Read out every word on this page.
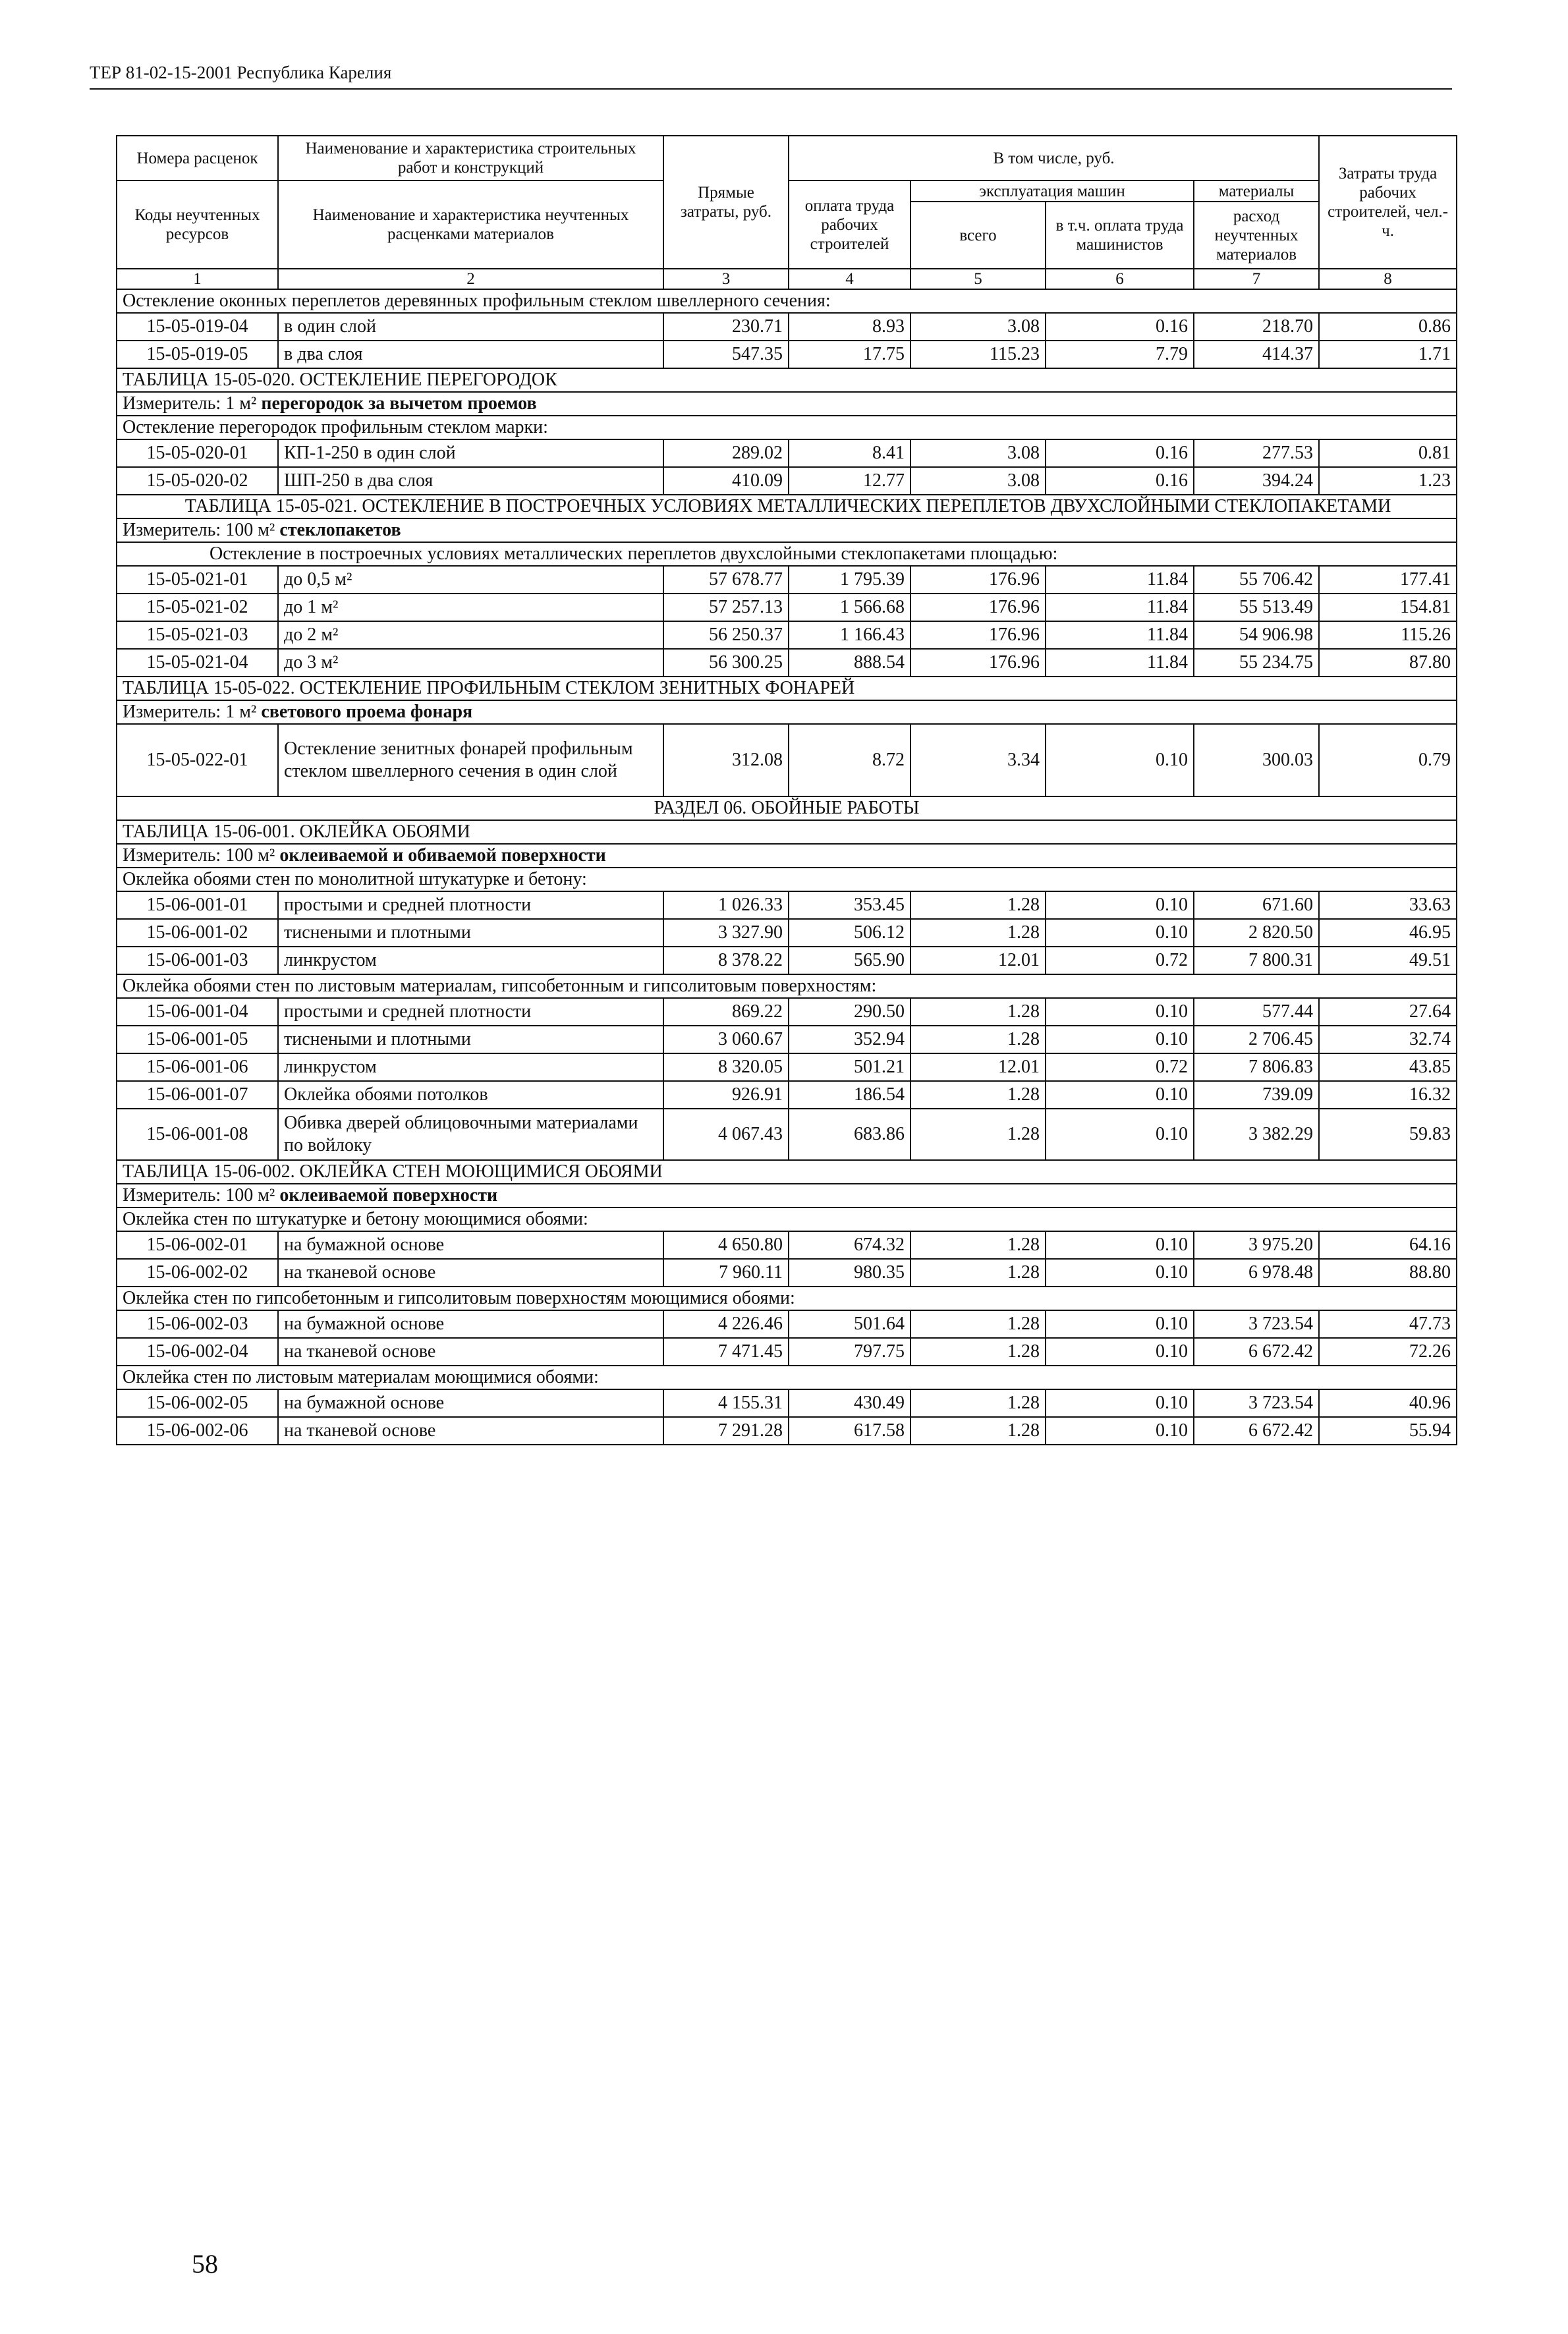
ТЕР 81-02-15-2001 Республика Карелия
Номера расценок	Наименование и характеристика строительных работ и конструкций	Прямые затраты, руб.	В том числе, руб.				Затраты труда рабочих строителей, чел.-ч.
Коды неучтенных ресурсов	Наименование и характеристика неучтенных расценками материалов		оплата труда рабочих строителей	эксплуатация машин		материалы	
				всего	в т.ч. оплата труда машинистов	расход неучтенных материалов	
1	2	3	4	5	6	7	8
Остекление оконных переплетов деревянных профильным стеклом швеллерного сечения:							
15-05-019-04	в один слой	230.71	8.93	3.08	0.16	218.70	0.86
15-05-019-05	в два слоя	547.35	17.75	115.23	7.79	414.37	1.71
ТАБЛИЦА 15-05-020. ОСТЕКЛЕНИЕ ПЕРЕГОРОДОК							
Измеритель: 1 м² перегородок за вычетом проемов							
Остекление перегородок профильным стеклом марки:							
15-05-020-01	КП-1-250 в один слой	289.02	8.41	3.08	0.16	277.53	0.81
15-05-020-02	ШП-250 в два слоя	410.09	12.77	3.08	0.16	394.24	1.23
ТАБЛИЦА 15-05-021. ОСТЕКЛЕНИЕ В ПОСТРОЕЧНЫХ УСЛОВИЯХ МЕТАЛЛИЧЕСКИХ ПЕРЕПЛЕТОВ ДВУХСЛОЙНЫМИ СТЕКЛОПАКЕТАМИ							
Измеритель: 100 м² стеклопакетов							
Остекление в построечных условиях металлических переплетов двухслойными стеклопакетами площадью:							
15-05-021-01	до 0,5 м²	57 678.77	1 795.39	176.96	11.84	55 706.42	177.41
15-05-021-02	до 1 м²	57 257.13	1 566.68	176.96	11.84	55 513.49	154.81
15-05-021-03	до 2 м²	56 250.37	1 166.43	176.96	11.84	54 906.98	115.26
15-05-021-04	до 3 м²	56 300.25	888.54	176.96	11.84	55 234.75	87.80
ТАБЛИЦА 15-05-022. ОСТЕКЛЕНИЕ ПРОФИЛЬНЫМ СТЕКЛОМ ЗЕНИТНЫХ ФОНАРЕЙ							
Измеритель: 1 м² светового проема фонаря							
15-05-022-01	Остекление зенитных фонарей профильным стеклом швеллерного сечения в один слой	312.08	8.72	3.34	0.10	300.03	0.79
РАЗДЕЛ 06. ОБОЙНЫЕ РАБОТЫ							
ТАБЛИЦА 15-06-001. ОКЛЕЙКА ОБОЯМИ							
Измеритель: 100 м² оклеиваемой и обиваемой поверхности							
Оклейка обоями стен по монолитной штукатурке и бетону:							
15-06-001-01	простыми и средней плотности	1 026.33	353.45	1.28	0.10	671.60	33.63
15-06-001-02	тиснеными и плотными	3 327.90	506.12	1.28	0.10	2 820.50	46.95
15-06-001-03	линкрустом	8 378.22	565.90	12.01	0.72	7 800.31	49.51
Оклейка обоями стен по листовым материалам, гипсобетонным и гипсолитовым поверхностям:							
15-06-001-04	простыми и средней плотности	869.22	290.50	1.28	0.10	577.44	27.64
15-06-001-05	тиснеными и плотными	3 060.67	352.94	1.28	0.10	2 706.45	32.74
15-06-001-06	линкрустом	8 320.05	501.21	12.01	0.72	7 806.83	43.85
15-06-001-07	Оклейка обоями потолков	926.91	186.54	1.28	0.10	739.09	16.32
15-06-001-08	Обивка дверей облицовочными материалами по войлоку	4 067.43	683.86	1.28	0.10	3 382.29	59.83
ТАБЛИЦА 15-06-002. ОКЛЕЙКА СТЕН МОЮЩИМИСЯ ОБОЯМИ							
Измеритель: 100 м² оклеиваемой поверхности							
Оклейка стен по штукатурке и бетону моющимися обоями:							
15-06-002-01	на бумажной основе	4 650.80	674.32	1.28	0.10	3 975.20	64.16
15-06-002-02	на тканевой основе	7 960.11	980.35	1.28	0.10	6 978.48	88.80
Оклейка стен по гипсобетонным и гипсолитовым поверхностям моющимися обоями:							
15-06-002-03	на бумажной основе	4 226.46	501.64	1.28	0.10	3 723.54	47.73
15-06-002-04	на тканевой основе	7 471.45	797.75	1.28	0.10	6 672.42	72.26
Оклейка стен по листовым материалам моющимися обоями:							
15-06-002-05	на бумажной основе	4 155.31	430.49	1.28	0.10	3 723.54	40.96
15-06-002-06	на тканевой основе	7 291.28	617.58	1.28	0.10	6 672.42	55.94
58
